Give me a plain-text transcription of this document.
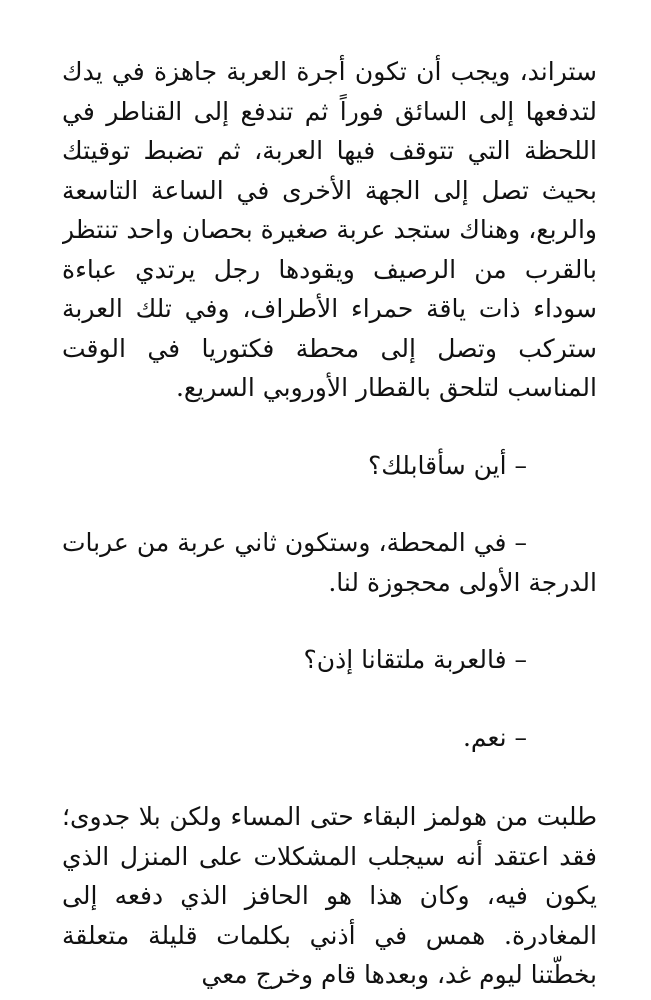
ستراند، ويجب أن تكون أجرة العربة جاهزة في يدك لتدفعها إلى السائق فوراً ثم تندفع إلى القناطر في اللحظة التي تتوقف فيها العربة، ثم تضبط توقيتك بحيث تصل إلى الجهة الأخرى في الساعة التاسعة والربع، وهناك ستجد عربة صغيرة بحصان واحد تنتظر بالقرب من الرصيف ويقودها رجل يرتدي عباءة سوداء ذات ياقة حمراء الأطراف، وفي تلك العربة ستركب وتصل إلى محطة فكتوريا في الوقت المناسب لتلحق بالقطار الأوروبي السريع.

– أين سأقابلك؟

– في المحطة، وستكون ثاني عربة من عربات الدرجة الأولى محجوزة لنا.

– فالعربة ملتقانا إذن؟

– نعم.

طلبت من هولمز البقاء حتى المساء ولكن بلا جدوى؛ فقد اعتقد أنه سيجلب المشكلات على المنزل الذي يكون فيه، وكان هذا هو الحافز الذي دفعه إلى المغادرة. همس في أذني بكلمات قليلة متعلقة بخطّتنا ليوم غد، وبعدها قام وخرج معي
